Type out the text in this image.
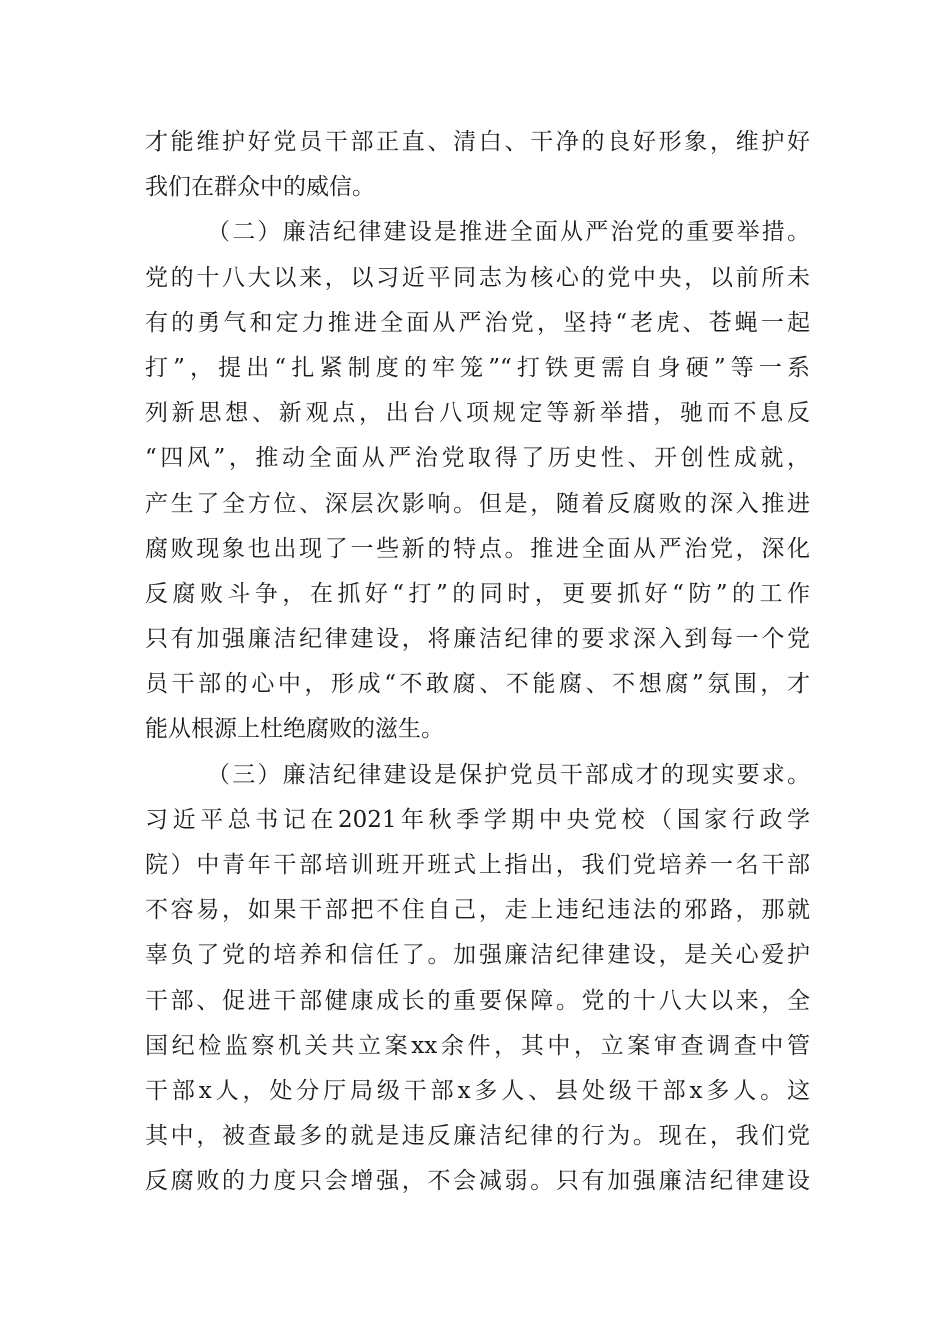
才能维护好党员干部正直、清白、干净的良好形象，维护好
我们在群众中的威信。
（二）廉洁纪律建设是推进全面从严治党的重要举措。
党的十八大以来，以习近平同志为核心的党中央，以前所未
有的勇气和定力推进全面从严治党，坚持“老虎、苍蝇一起
打”，提出“扎紧制度的牢笼”“打铁更需自身硬”等一系
列新思想、新观点，出台八项规定等新举措，驰而不息反
“四风”，推动全面从严治党取得了历史性、开创性成就，
产生了全方位、深层次影响。但是，随着反腐败的深入推进
腐败现象也出现了一些新的特点。推进全面从严治党，深化
反腐败斗争，在抓好“打”的同时，更要抓好“防”的工作
只有加强廉洁纪律建设，将廉洁纪律的要求深入到每一个党
员干部的心中，形成“不敢腐、不能腐、不想腐”氛围，才
能从根源上杜绝腐败的滋生。
（三）廉洁纪律建设是保护党员干部成才的现实要求。
习近平总书记在2021年秋季学期中央党校（国家行政学
院）中青年干部培训班开班式上指出，我们党培养一名干部
不容易，如果干部把不住自己，走上违纪违法的邪路，那就
辜负了党的培养和信任了。加强廉洁纪律建设，是关心爱护
干部、促进干部健康成长的重要保障。党的十八大以来，全
国纪检监察机关共立案xx余件，其中，立案审查调查中管
干部x人，处分厅局级干部x多人、县处级干部x多人。这
其中，被查最多的就是违反廉洁纪律的行为。现在，我们党
反腐败的力度只会增强，不会减弱。只有加强廉洁纪律建设
